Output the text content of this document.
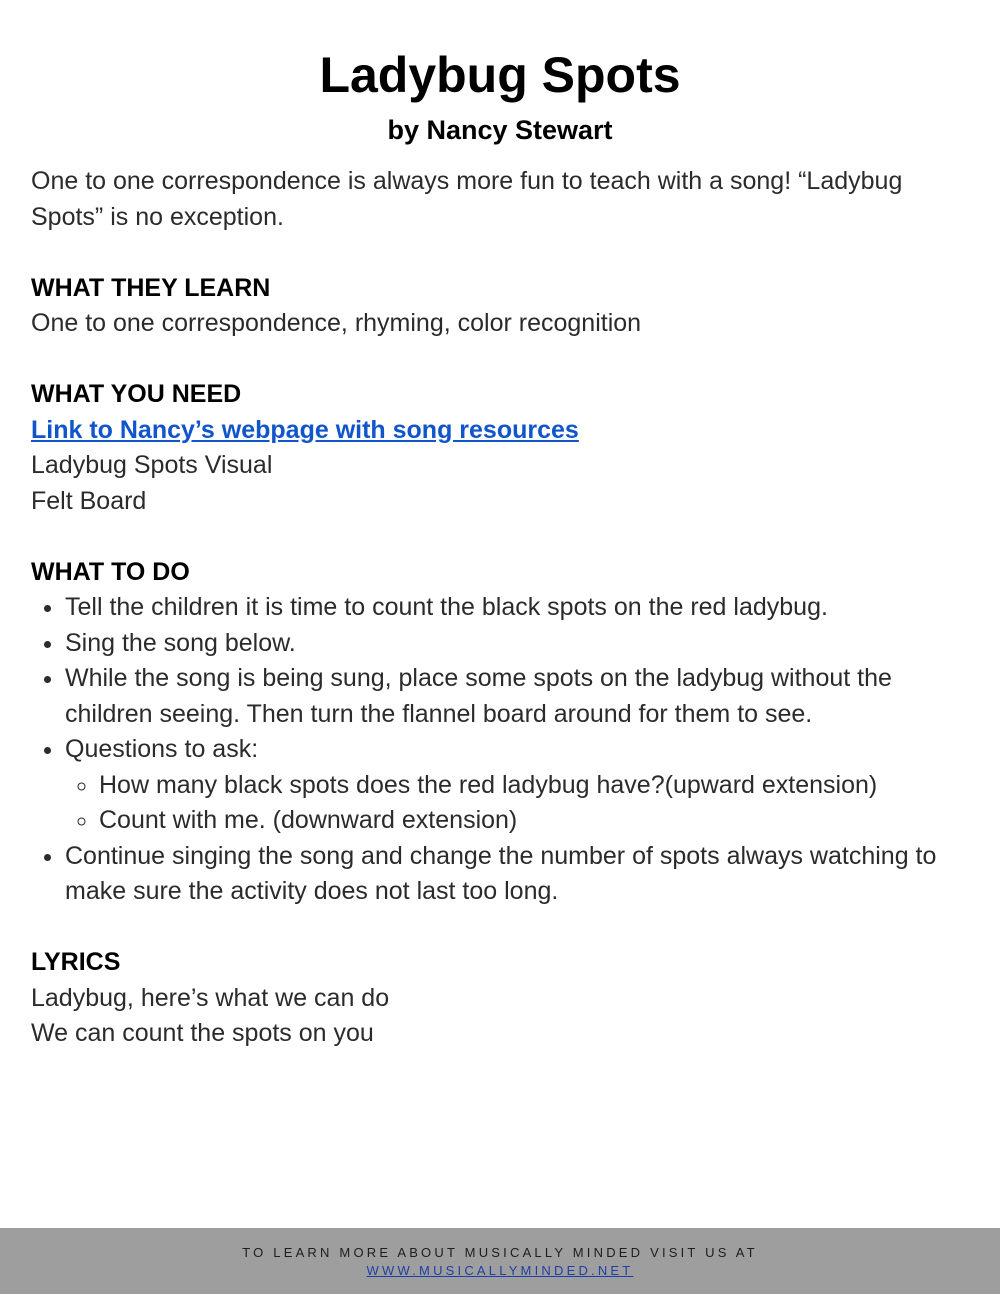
Ladybug Spots
by Nancy Stewart

One to one correspondence is always more fun to teach with a song! “Ladybug Spots” is no exception.

WHAT THEY LEARN

One to one correspondence, rhyming, color recognition

WHAT YOU NEED

Link to Nancy’s webpage with song resources

Ladybug Spots Visual

Felt Board

WHAT TO DO

• Tell the children it is time to count the black spots on the red ladybug.
• Sing the song below.
• While the song is being sung, place some spots on the ladybug without the children seeing. Then turn the flannel board around for them to see.
• Questions to ask:
◦ How many black spots does the red ladybug have?(upward extension)
◦ Count with me. (downward extension)
• Continue singing the song and change the number of spots always watching to make sure the activity does not last too long.

LYRICS

Ladybug, here’s what we can do

We can count the spots on you

TO LEARN MORE ABOUT MUSICALLY MINDED VISIT US AT

WWW.MUSICALLYMINDED.NET
